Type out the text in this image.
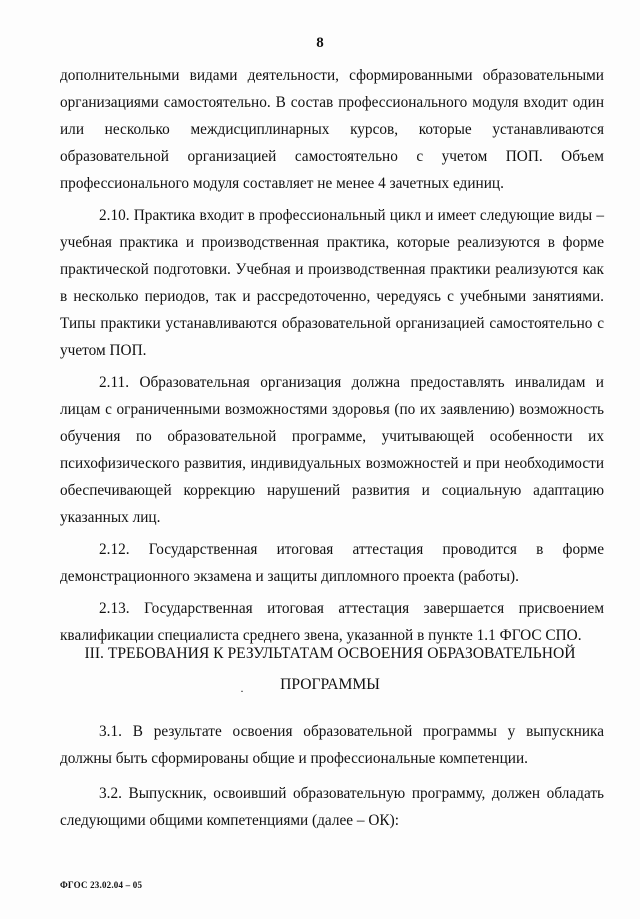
8

дополнительными видами деятельности, сформированными образовательными организациями самостоятельно. В состав профессионального модуля входит один или несколько междисциплинарных курсов, которые устанавливаются образовательной организацией самостоятельно с учетом ПОП. Объем профессионального модуля составляет не менее 4 зачетных единиц.

2.10. Практика входит в профессиональный цикл и имеет следующие виды – учебная практика и производственная практика, которые реализуются в форме практической подготовки. Учебная и производственная практики реализуются как в несколько периодов, так и рассредоточенно, чередуясь с учебными занятиями. Типы практики устанавливаются образовательной организацией самостоятельно с учетом ПОП.

2.11. Образовательная организация должна предоставлять инвалидам и лицам с ограниченными возможностями здоровья (по их заявлению) возможность обучения по образовательной программе, учитывающей особенности их психофизического развития, индивидуальных возможностей и при необходимости обеспечивающей коррекцию нарушений развития и социальную адаптацию указанных лиц.

2.12. Государственная итоговая аттестация проводится в форме демонстрационного экзамена и защиты дипломного проекта (работы).

2.13. Государственная итоговая аттестация завершается присвоением квалификации специалиста среднего звена, указанной в пункте 1.1 ФГОС СПО.

III. ТРЕБОВАНИЯ К РЕЗУЛЬТАТАМ ОСВОЕНИЯ ОБРАЗОВАТЕЛЬНОЙ
ПРОГРАММЫ
·

3.1. В результате освоения образовательной программы у выпускника должны быть сформированы общие и профессиональные компетенции.

3.2. Выпускник, освоивший образовательную программу, должен обладать следующими общими компетенциями (далее – ОК):

ФГОС 23.02.04 – 05
